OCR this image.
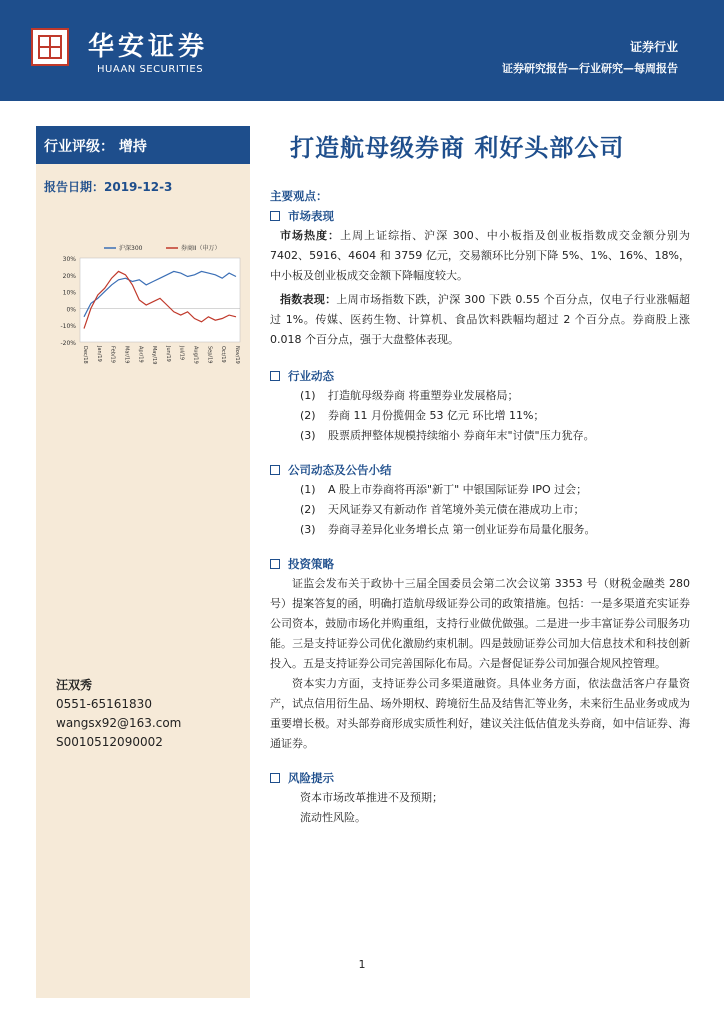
华安证券
HUAAN SECURITIES
证券行业
证券研究报告—行业研究—每周报告
行业评级： 增持
报告日期：2019-12-3
30%
20%
10%
0%
-10%
-20%
Dec/18 Jan/19 Feb/19 Mar/19 Apr/19 May/19 Jun/19 Jul/19 Aug/19 Sep/19 Oct/19 Nov/19
沪深300	券商II（申万）
汪双秀
0551-65161830
wangsx92@163.com
S0010512090002
打造航母级券商 利好头部公司
主要观点：
市场表现
市场热度：上周上证综指、沪深 300、中小板指及创业板指数成交金额分别为 7402、5916、4604 和 3759 亿元，交易额环比分别下降 5%、1%、16%、18%，中小板及创业板成交金额下降幅度较大。
指数表现：上周市场指数下跌，沪深 300 下跌 0.55 个百分点，仅电子行业涨幅超过 1%。传媒、医药生物、计算机、食品饮料跌幅均超过 2 个百分点。券商股上涨 0.018 个百分点，强于大盘整体表现。
行业动态
(1)	打造航母级券商 将重塑券业发展格局；
(2)	券商 11 月份揽佣金 53 亿元 环比增 11%；
(3)	股票质押整体规模持续缩小 券商年末"讨债"压力犹存。
公司动态及公告小结
(1)	A 股上市券商将再添"新丁" 中银国际证券 IPO 过会；
(2)	天风证券又有新动作 首笔境外美元债在港成功上市；
(3)	券商寻差异化业务增长点 第一创业证券布局量化服务。
投资策略
证监会发布关于政协十三届全国委员会第二次会议第 3353 号（财税金融类 280 号）提案答复的函，明确打造航母级证券公司的政策措施。包括：一是多渠道充实证券公司资本，鼓励市场化并购重组，支持行业做优做强。二是进一步丰富证券公司服务功能。三是支持证券公司优化激励约束机制。四是鼓励证券公司加大信息技术和科技创新投入。五是支持证券公司完善国际化布局。六是督促证券公司加强合规风控管理。
资本实力方面，支持证券公司多渠道融资。具体业务方面，依法盘活客户存量资产，试点信用衍生品、场外期权、跨境衍生品及结售汇等业务，未来衍生品业务或成为重要增长极。对头部券商形成实质性利好，建议关注低估值龙头券商，如中信证券、海通证券。
风险提示
资本市场改革推进不及预期；
流动性风险。
1
